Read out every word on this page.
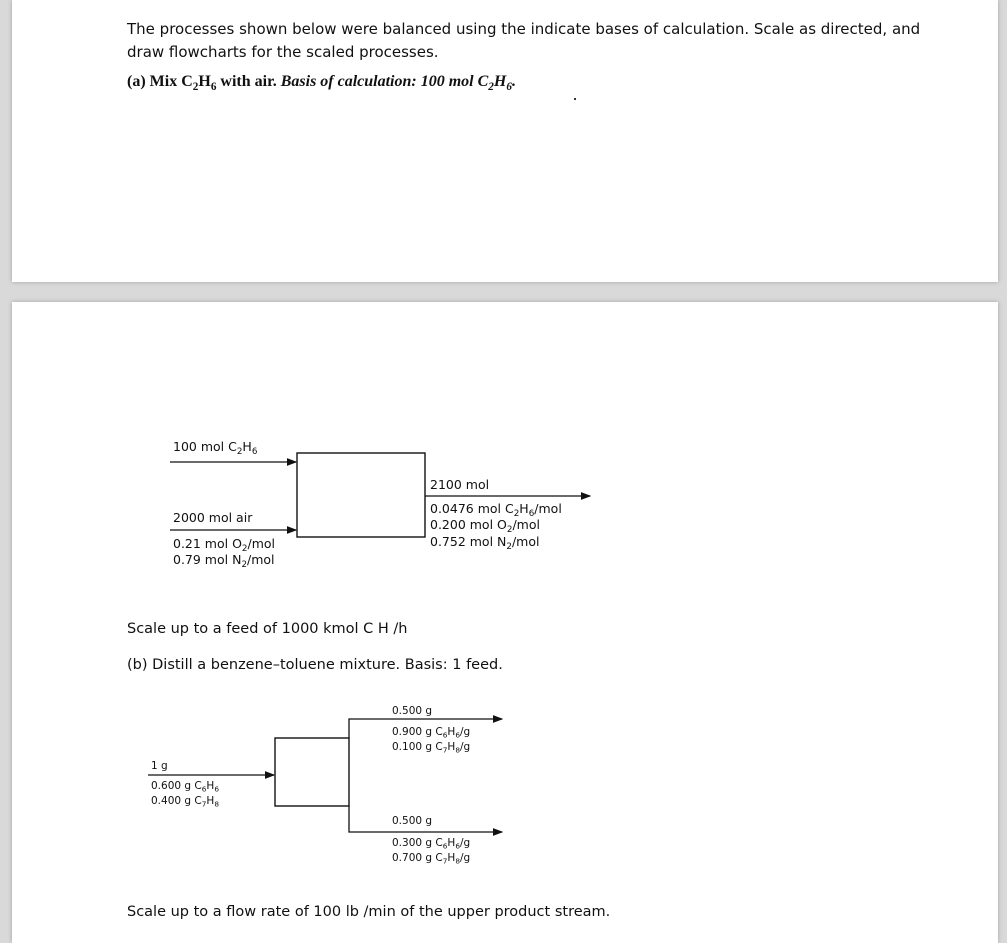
The processes shown below were balanced using the indicate bases of calculation. Scale as directed, and draw flowcharts for the scaled processes.

(a) Mix $C_2H_6$ with air. Basis of calculation: 100 mol $C_2H_6$.

100 mol $C_2H_6$
2000 mol air
0.21 mol $O_2$/mol
0.79 mol $N_2$/mol
2100 mol
0.0476 mol $C_2H_6$/mol
0.200 mol $O_2$/mol
0.752 mol $N_2$/mol

Scale up to a feed of 1000 kmol C H /h

(b) Distill a benzene–toluene mixture. Basis: 1 feed.

1 g
0.600 g $C_6H_6$
0.400 g $C_7H_8$
0.500 g
0.900 g $C_6H_6/g$
0.100 g $C_7H_8/g$
0.500 g
0.300 g $C_6H_6/g$
0.700 g $C_7H_8/g$

Scale up to a flow rate of 100 lb /min of the upper product stream.
